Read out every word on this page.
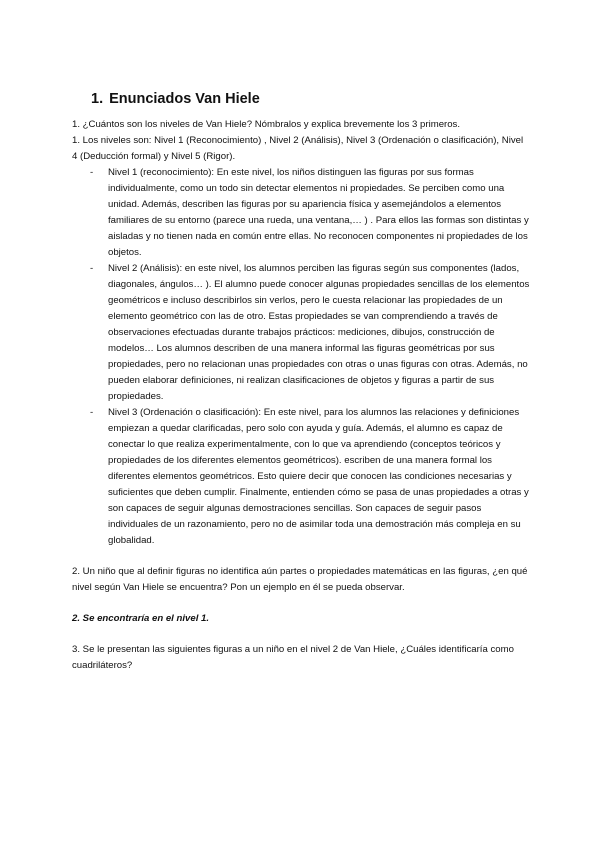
1. Enunciados Van Hiele

1. ¿Cuántos son los niveles de Van Hiele? Nómbralos y explica brevemente los 3 primeros.

1. Los niveles son: Nivel 1 (Reconocimiento) , Nivel 2 (Análisis), Nivel 3 (Ordenación o clasificación), Nivel 4 (Deducción formal) y Nivel 5 (Rigor).

- Nivel 1 (reconocimiento): En este nivel, los niños distinguen las figuras por sus formas individualmente, como un todo sin detectar elementos ni propiedades. Se perciben como una unidad. Además, describen las figuras por su apariencia física y asemejándolos a elementos familiares de su entorno (parece una rueda, una ventana,… ) . Para ellos las formas son distintas y aisladas y no tienen nada en común entre ellas. No reconocen componentes ni propiedades de los objetos.
- Nivel 2 (Análisis): en este nivel, los alumnos perciben las figuras según sus componentes (lados, diagonales, ángulos… ). El alumno puede conocer algunas propiedades sencillas de los elementos geométricos e incluso describirlos sin verlos, pero le cuesta relacionar las propiedades de un elemento geométrico con las de otro. Estas propiedades se van comprendiendo a través de observaciones efectuadas durante trabajos prácticos: mediciones, dibujos, construcción de modelos… Los alumnos describen de una manera informal las figuras geométricas por sus propiedades, pero no relacionan unas propiedades con otras o unas figuras con otras. Además, no pueden elaborar definiciones, ni realizan clasificaciones de objetos y figuras a partir de sus propiedades.
- Nivel 3 (Ordenación o clasificación): En este nivel, para los alumnos las relaciones y definiciones empiezan a quedar clarificadas, pero solo con ayuda y guía. Además, el alumno es capaz de conectar lo que realiza experimentalmente, con lo que va aprendiendo (conceptos teóricos y propiedades de los diferentes elementos geométricos). escriben de una manera formal los diferentes elementos geométricos. Esto quiere decir que conocen las condiciones necesarias y suficientes que deben cumplir. Finalmente, entienden cómo se pasa de unas propiedades a otras y son capaces de seguir algunas demostraciones sencillas. Son capaces de seguir pasos individuales de un razonamiento, pero no de asimilar toda una demostración más compleja en su globalidad.

2. Un niño que al definir figuras no identifica aún partes o propiedades matemáticas en las figuras, ¿en qué nivel según Van Hiele se encuentra? Pon un ejemplo en él se pueda observar.

2. Se encontraría en el nivel 1.

3. Se le presentan las siguientes figuras a un niño en el nivel 2 de Van Hiele, ¿Cuáles identificaría como cuadriláteros?
